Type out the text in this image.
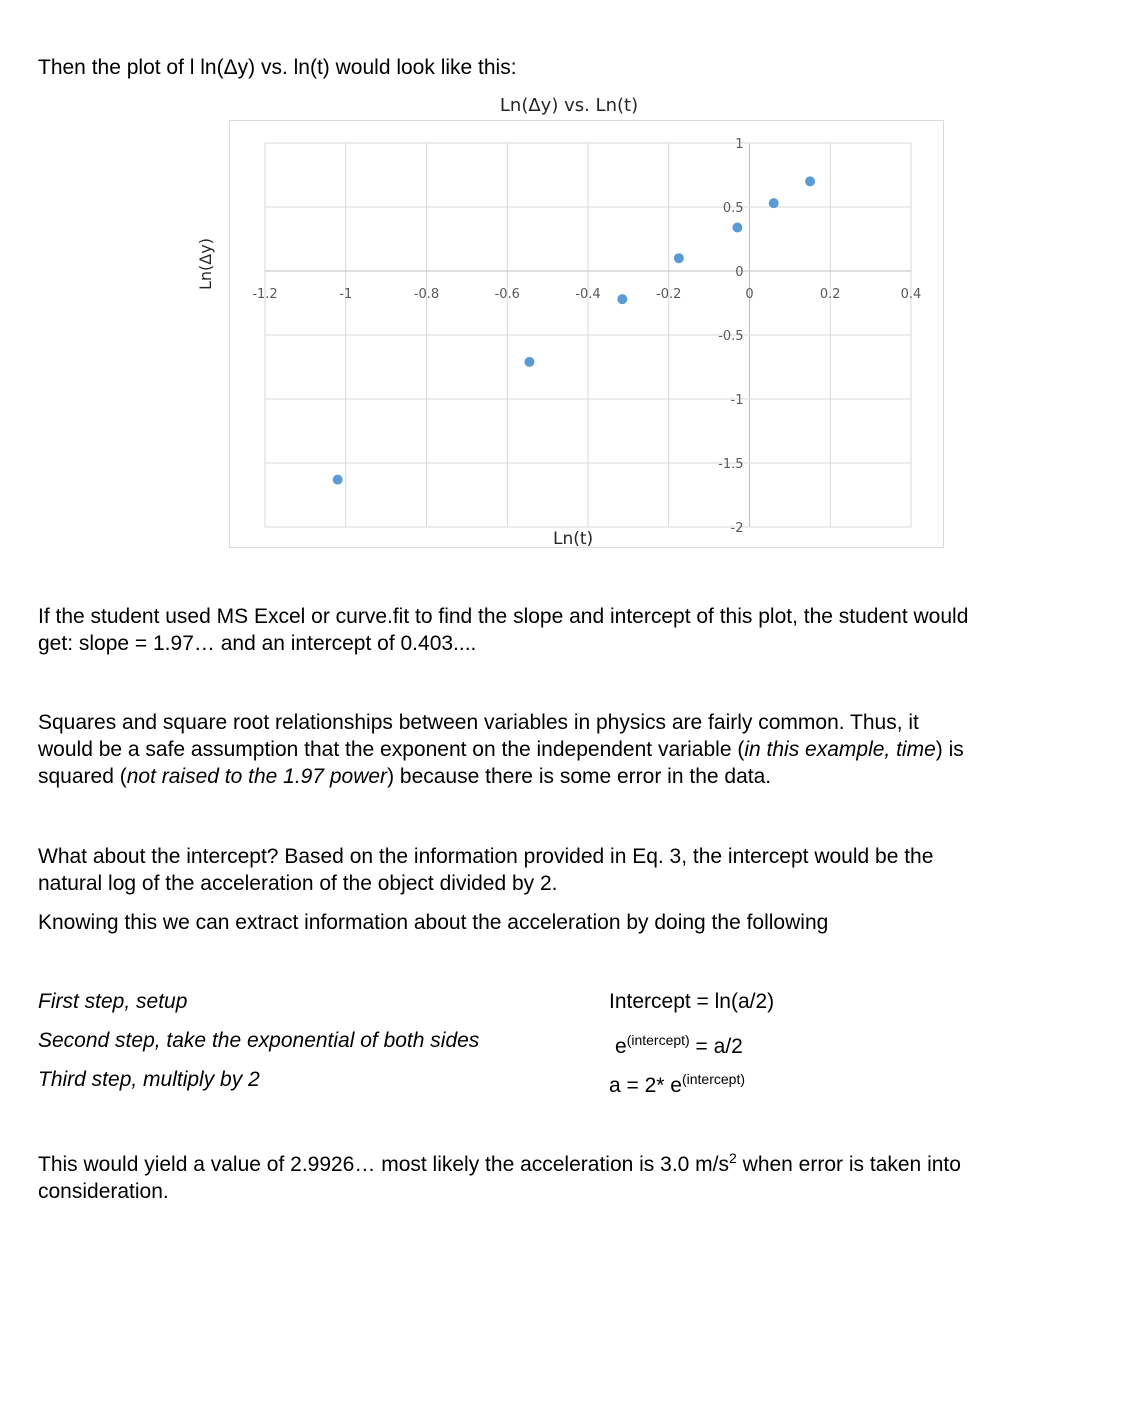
Then the plot of l ln(Δy) vs. ln(t) would look like this:

Ln(Δy) vs. Ln(t)
-1.2	-1	-0.8	-0.6	-0.4	-0.2	0	0.2	0.4
1
0.5
0
-0.5
-1
-1.5
-2
Ln(Δy)
Ln(t)

If the student used MS Excel or curve.fit to find the slope and intercept of this plot, the student would
get: slope = 1.97… and an intercept of 0.403....

Squares and square root relationships between variables in physics are fairly common. Thus, it
would be a safe assumption that the exponent on the independent variable (in this example, time) is
squared (not raised to the 1.97 power) because there is some error in the data.

What about the intercept? Based on the information provided in Eq. 3, the intercept would be the
natural log of the acceleration of the object divided by 2.

Knowing this we can extract information about the acceleration by doing the following

First step, setup	Intercept = ln(a/2)
Second step, take the exponential of both sides	$e^{(intercept)} = a/2$
Third step, multiply by 2	a = 2* $e^{(intercept)}$

This would yield a value of 2.9926… most likely the acceleration is 3.0 $m/s^2$ when error is taken into
consideration.
